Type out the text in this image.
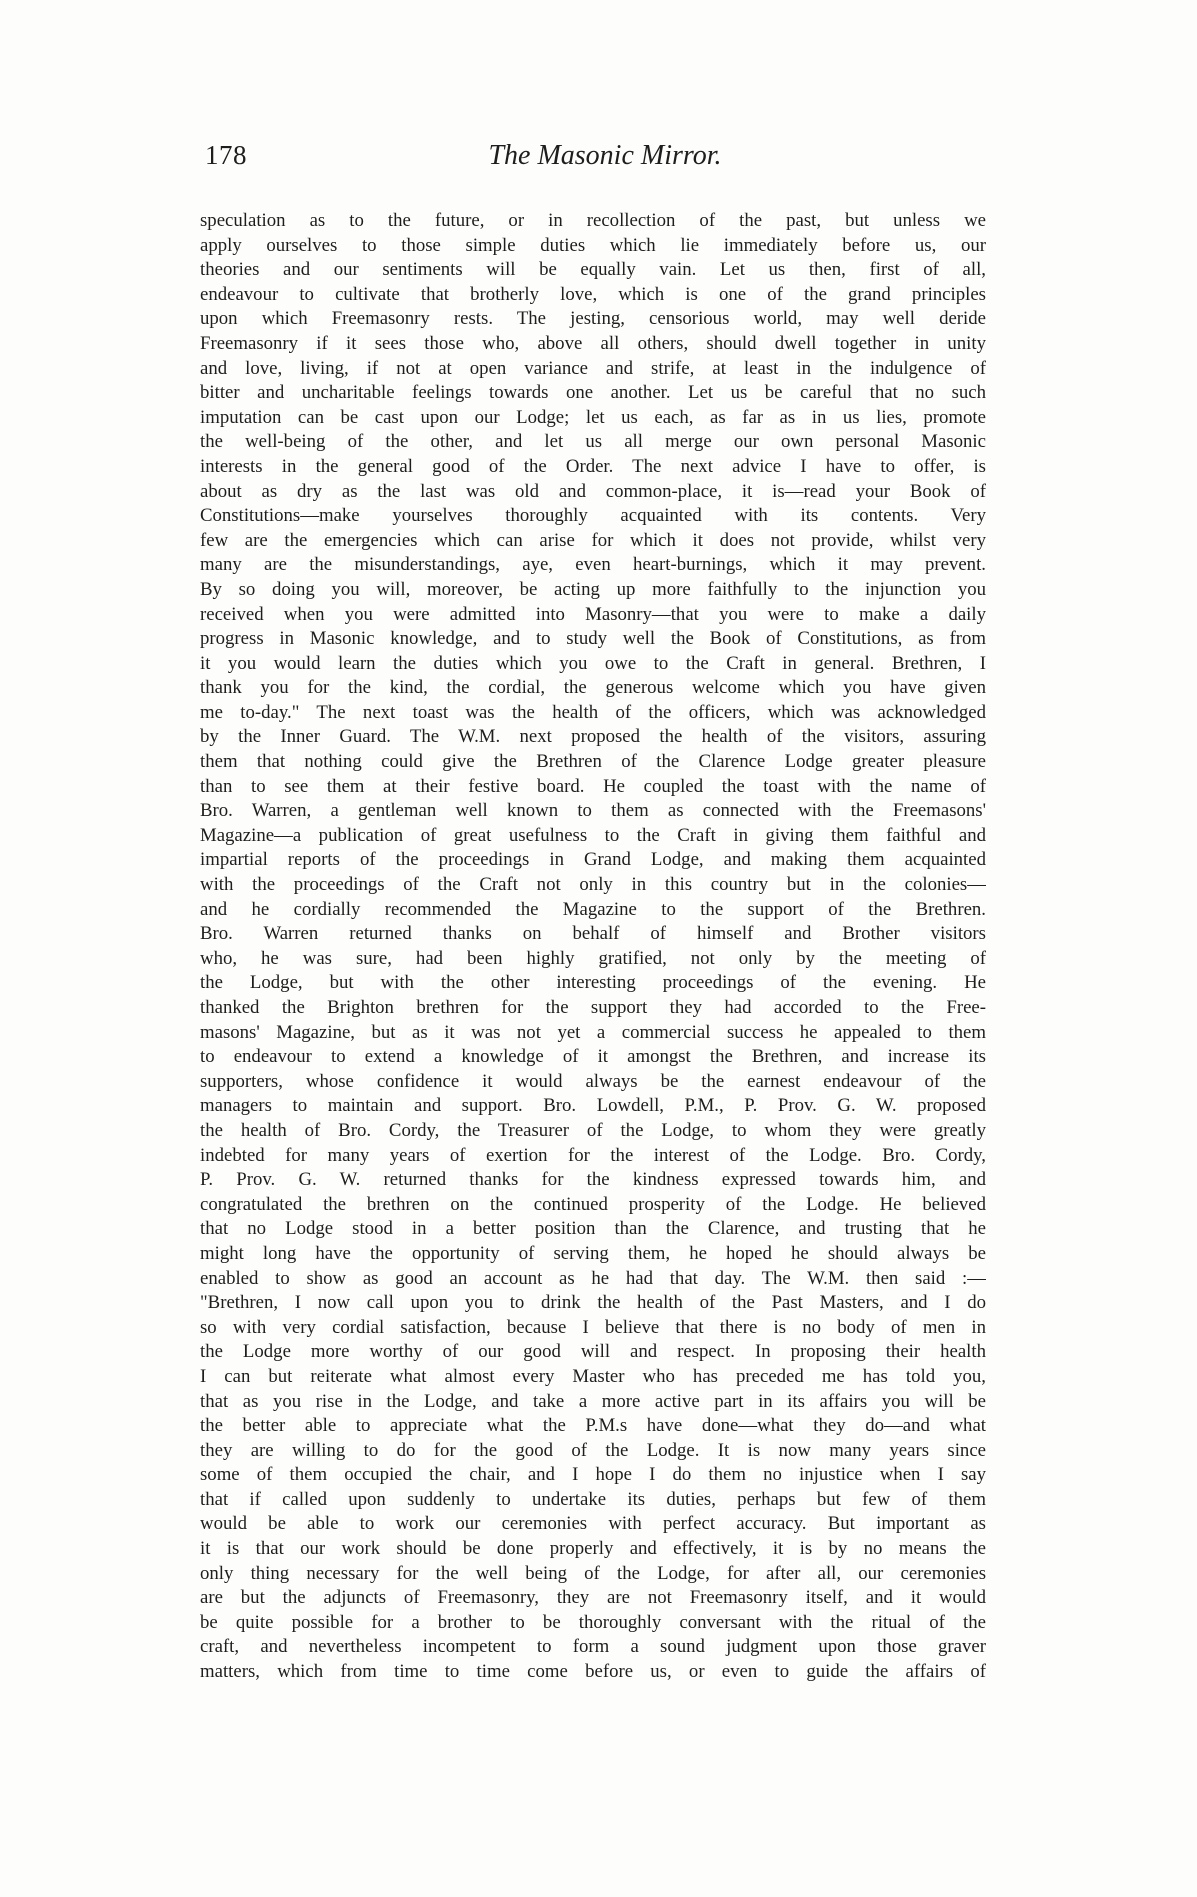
178	The Masonic Mirror.
speculation as to the future, or in recollection of the past, but unless we
apply ourselves to those simple duties which lie immediately before us, our
theories and our sentiments will be equally vain. Let us then, first of all,
endeavour to cultivate that brotherly love, which is one of the grand principles
upon which Freemasonry rests. The jesting, censorious world, may well deride
Freemasonry if it sees those who, above all others, should dwell together in unity
and love, living, if not at open variance and strife, at least in the indulgence of
bitter and uncharitable feelings towards one another. Let us be careful that no such
imputation can be cast upon our Lodge; let us each, as far as in us lies, promote
the well-being of the other, and let us all merge our own personal Masonic
interests in the general good of the Order. The next advice I have to offer, is
about as dry as the last was old and common-place, it is—read your Book of
Constitutions—make yourselves thoroughly acquainted with its contents. Very
few are the emergencies which can arise for which it does not provide, whilst very
many are the misunderstandings, aye, even heart-burnings, which it may prevent.
By so doing you will, moreover, be acting up more faithfully to the injunction you
received when you were admitted into Masonry—that you were to make a daily
progress in Masonic knowledge, and to study well the Book of Constitutions, as from
it you would learn the duties which you owe to the Craft in general. Brethren, I
thank you for the kind, the cordial, the generous welcome which you have given
me to-day." The next toast was the health of the officers, which was acknowledged
by the Inner Guard. The W.M. next proposed the health of the visitors, assuring
them that nothing could give the Brethren of the Clarence Lodge greater pleasure
than to see them at their festive board. He coupled the toast with the name of
Bro. Warren, a gentleman well known to them as connected with the Freemasons'
Magazine—a publication of great usefulness to the Craft in giving them faithful and
impartial reports of the proceedings in Grand Lodge, and making them acquainted
with the proceedings of the Craft not only in this country but in the colonies—
and he cordially recommended the Magazine to the support of the Brethren.
Bro. Warren returned thanks on behalf of himself and Brother visitors
who, he was sure, had been highly gratified, not only by the meeting of
the Lodge, but with the other interesting proceedings of the evening. He
thanked the Brighton brethren for the support they had accorded to the Free-
masons' Magazine, but as it was not yet a commercial success he appealed to them
to endeavour to extend a knowledge of it amongst the Brethren, and increase its
supporters, whose confidence it would always be the earnest endeavour of the
managers to maintain and support. Bro. Lowdell, P.M., P. Prov. G. W. proposed
the health of Bro. Cordy, the Treasurer of the Lodge, to whom they were greatly
indebted for many years of exertion for the interest of the Lodge. Bro. Cordy,
P. Prov. G. W. returned thanks for the kindness expressed towards him, and
congratulated the brethren on the continued prosperity of the Lodge. He believed
that no Lodge stood in a better position than the Clarence, and trusting that he
might long have the opportunity of serving them, he hoped he should always be
enabled to show as good an account as he had that day. The W.M. then said :—
"Brethren, I now call upon you to drink the health of the Past Masters, and I do
so with very cordial satisfaction, because I believe that there is no body of men in
the Lodge more worthy of our good will and respect. In proposing their health
I can but reiterate what almost every Master who has preceded me has told you,
that as you rise in the Lodge, and take a more active part in its affairs you will be
the better able to appreciate what the P.M.s have done—what they do—and what
they are willing to do for the good of the Lodge. It is now many years since
some of them occupied the chair, and I hope I do them no injustice when I say
that if called upon suddenly to undertake its duties, perhaps but few of them
would be able to work our ceremonies with perfect accuracy. But important as
it is that our work should be done properly and effectively, it is by no means the
only thing necessary for the well being of the Lodge, for after all, our ceremonies
are but the adjuncts of Freemasonry, they are not Freemasonry itself, and it would
be quite possible for a brother to be thoroughly conversant with the ritual of the
craft, and nevertheless incompetent to form a sound judgment upon those graver
matters, which from time to time come before us, or even to guide the affairs of
